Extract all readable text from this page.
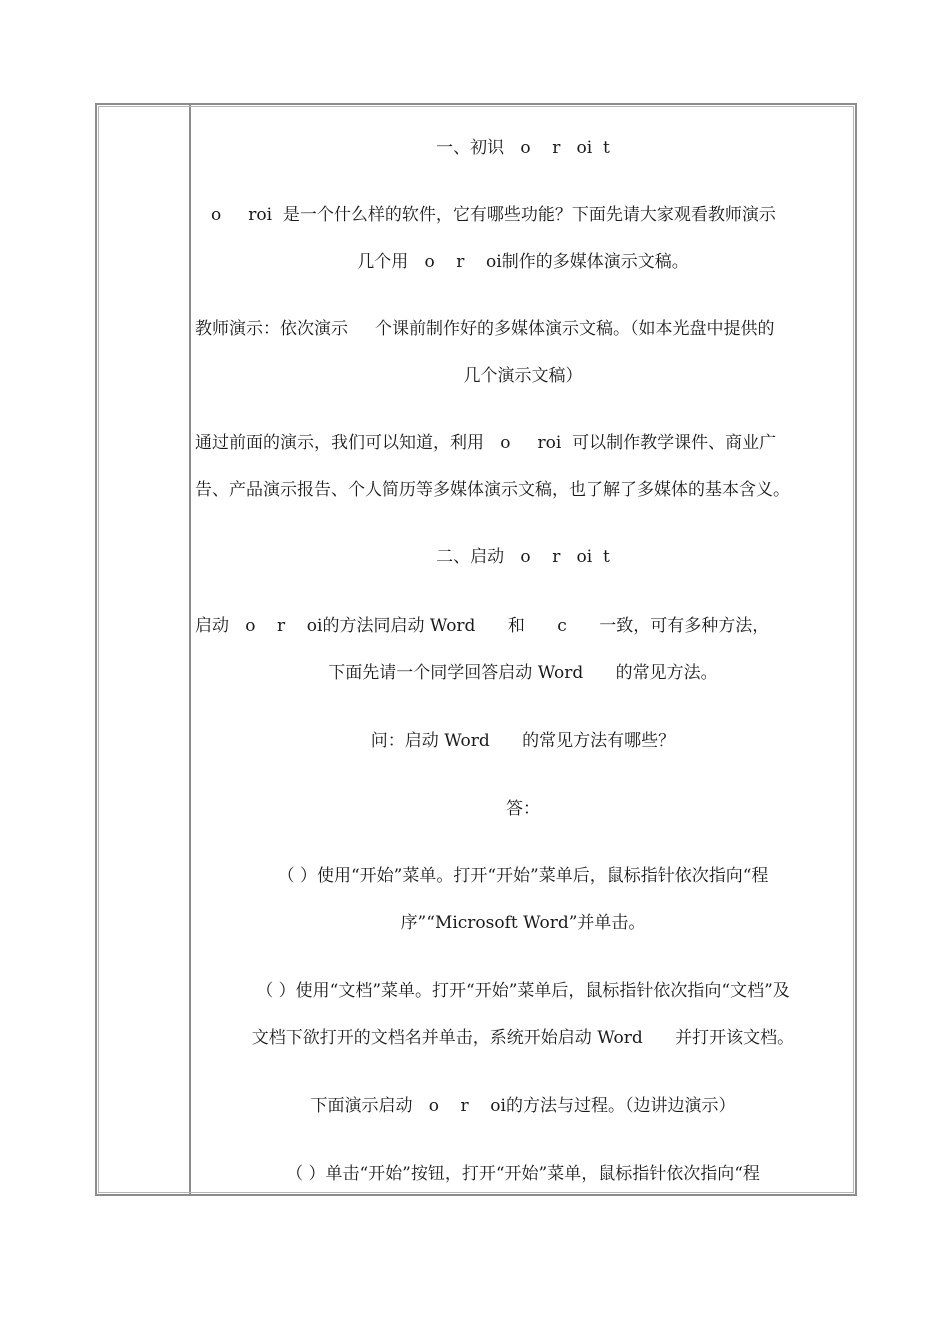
一、初识   o    r   oi  t
o     roi  是一个什么样的软件，它有哪些功能？下面先请大家观看教师演示
几个用   o    r    oi制作的多媒体演示文稿。
教师演示：依次演示     个课前制作好的多媒体演示文稿。（如本光盘中提供的
几个演示文稿）
通过前面的演示，我们可以知道，利用   o     roi  可以制作教学课件、商业广
告、产品演示报告、个人简历等多媒体演示文稿，也了解了多媒体的基本含义。
二、启动   o    r   oi  t
启动   o    r    oi的方法同启动 Word      和      c      一致，可有多种方法，
下面先请一个同学回答启动 Word      的常见方法。
问：启动 Word      的常见方法有哪些？
答：
（ ）使用“开始”菜单。打开“开始”菜单后，鼠标指针依次指向“程
序”“Microsoft Word”并单击。
（ ）使用“文档”菜单。打开“开始”菜单后，鼠标指针依次指向“文档”及
文档下欲打开的文档名并单击，系统开始启动 Word      并打开该文档。
下面演示启动   o    r    oi的方法与过程。（边讲边演示）
（ ）单击“开始”按钮，打开“开始”菜单，鼠标指针依次指向“程
